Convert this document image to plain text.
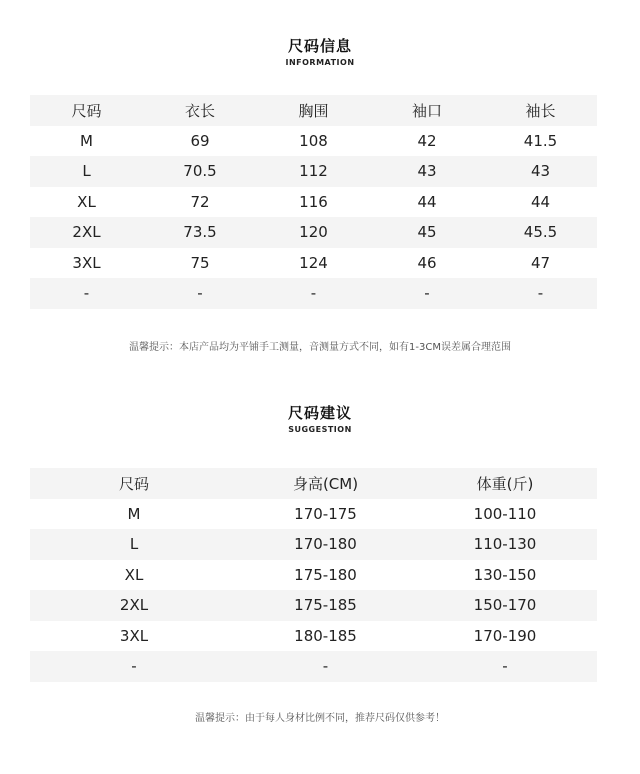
尺码信息
INFORMATION
尺码	衣长	胸围	袖口	袖长
M	69	108	42	41.5
L	70.5	112	43	43
XL	72	116	44	44
2XL	73.5	120	45	45.5
3XL	75	124	46	47
-	-	-	-	-
温馨提示：本店产品均为平铺手工测量，音测量方式不同，如有1-3CM误差属合理范围
尺码建议
SUGGESTION
尺码	身高(CM)	体重(斤)
M	170-175	100-110
L	170-180	110-130
XL	175-180	130-150
2XL	175-185	150-170
3XL	180-185	170-190
-	-	-
温馨提示：由于每人身材比例不同，推荐尺码仅供参考！
